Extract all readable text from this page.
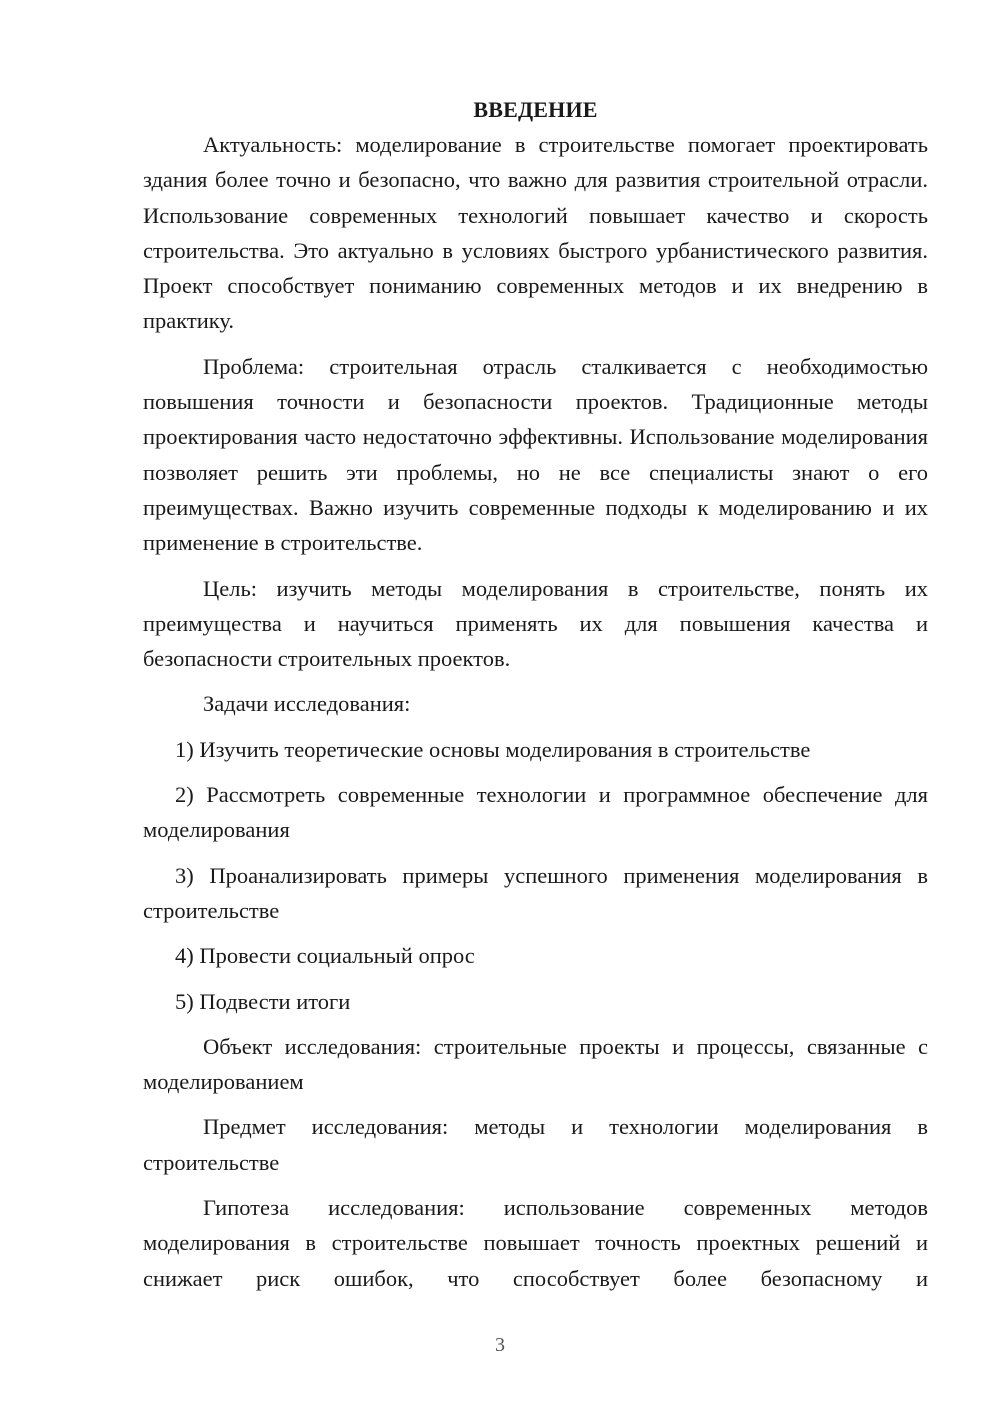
ВВЕДЕНИЕ

Актуальность: моделирование в строительстве помогает проектировать здания более точно и безопасно, что важно для развития строительной отрасли. Использование современных технологий повышает качество и скорость строительства. Это актуально в условиях быстрого урбанистического развития. Проект способствует пониманию современных методов и их внедрению в практику.

Проблема: строительная отрасль сталкивается с необходимостью повышения точности и безопасности проектов. Традиционные методы проектирования часто недостаточно эффективны. Использование моделирования позволяет решить эти проблемы, но не все специалисты знают о его преимуществах. Важно изучить современные подходы к моделированию и их применение в строительстве.

Цель: изучить методы моделирования в строительстве, понять их преимущества и научиться применять их для повышения качества и безопасности строительных проектов.

Задачи исследования:

1) Изучить теоретические основы моделирования в строительстве

2) Рассмотреть современные технологии и программное обеспечение для моделирования

3) Проанализировать примеры успешного применения моделирования в строительстве

4) Провести социальный опрос

5) Подвести итоги

Объект исследования: строительные проекты и процессы, связанные с моделированием

Предмет исследования: методы и технологии моделирования в строительстве

Гипотеза исследования: использование современных методов моделирования в строительстве повышает точность проектных решений и снижает риск ошибок, что способствует более безопасному и

3
